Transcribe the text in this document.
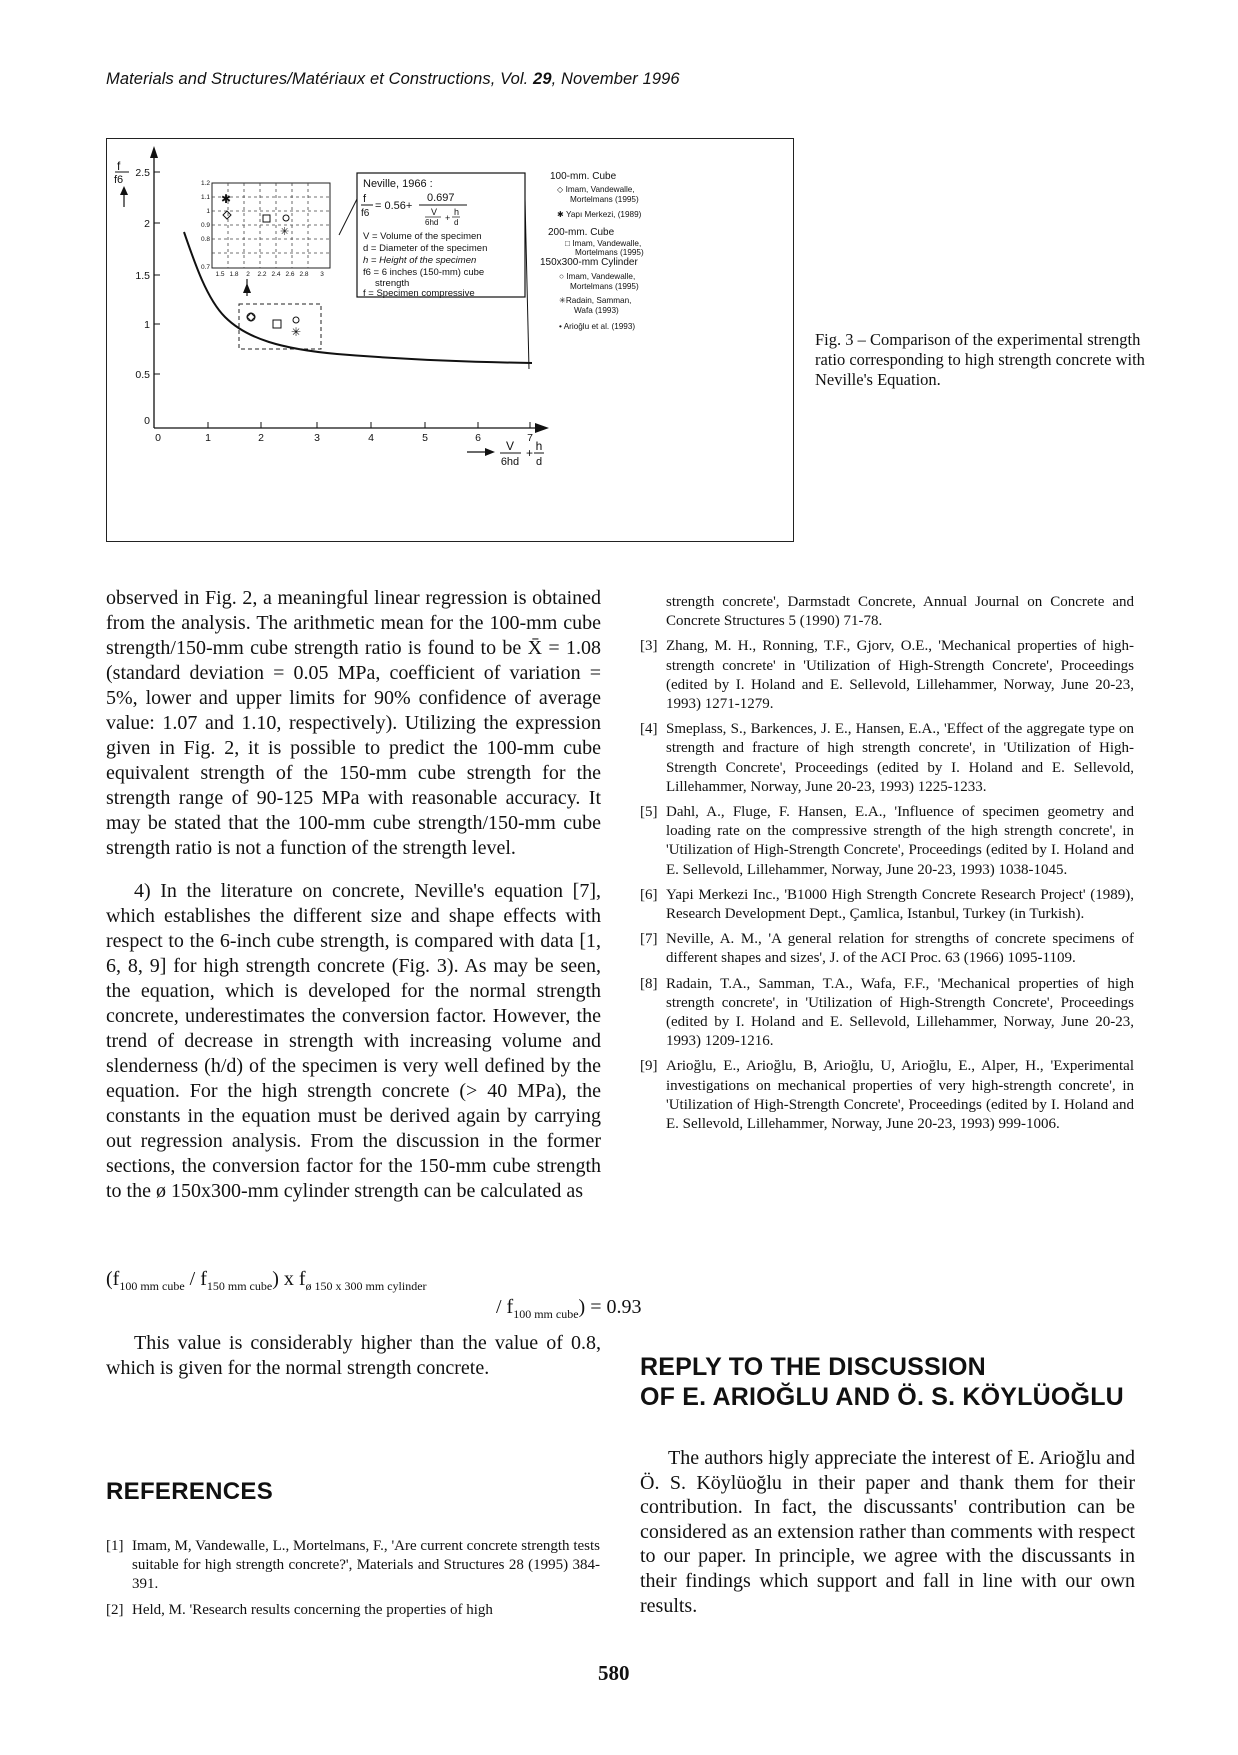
Materials and Structures/Matériaux et Constructions, Vol. 29, November 1996
f
f6
2.5
2
1.5
1
0.5
0
0	1	2	3	4	5	6	7
V
6hd
+ h
d
1.2
1.1
1
0.9
0.8
0.7
1.5 1.8 2 2.2 2.4 2.6 2.8 3
✱
✳
✳
Neville, 1966 :
f
f6
= 0.56+
0.697
V
6hd +
h
d
V = Volume of the specimen
d = Diameter of the specimen
h = Height of the specimen
f6 = 6 inches (150-mm) cube
strength
f = Specimen compressive
100-mm. Cube
◇ Imam, Vandewalle,
Mortelmans (1995)
✱ Yapı Merkezi, (1989)
200-mm. Cube
□ Imam, Vandewalle,
Mortelmans (1995)
150x300-mm Cylinder
○ Imam, Vandewalle,
Mortelmans (1995)
✳Radain, Samman,
Wafa (1993)
• Arioğlu et al. (1993)
Fig. 3 – Comparison of the experimental strength ratio corresponding to high strength concrete with Neville's Equation.

observed in Fig. 2, a meaningful linear regression is obtained from the analysis. The arithmetic mean for the 100-mm cube strength/150-mm cube strength ratio is found to be X̄ = 1.08 (standard deviation = 0.05 MPa, coefficient of variation = 5%, lower and upper limits for 90% confidence of average value: 1.07 and 1.10, respectively). Utilizing the expression given in Fig. 2, it is possible to predict the 100-mm cube equivalent strength of the 150-mm cube strength for the strength range of 90-125 MPa with reasonable accuracy. It may be stated that the 100-mm cube strength/150-mm cube strength ratio is not a function of the strength level.

4) In the literature on concrete, Neville's equation [7], which establishes the different size and shape effects with respect to the 6-inch cube strength, is compared with data [1, 6, 8, 9] for high strength concrete (Fig. 3). As may be seen, the equation, which is developed for the normal strength concrete, underestimates the conversion factor. However, the trend of decrease in strength with increasing volume and slenderness (h/d) of the specimen is very well defined by the equation. For the high strength concrete (> 40 MPa), the constants in the equation must be derived again by carrying out regression analysis. From the discussion in the former sections, the conversion factor for the 150-mm cube strength to the ø 150x300-mm cylinder strength can be calculated as

$(f_{100 mm cube} / f_{150 mm cube})$ x $f_{ø 150 x 300 mm cylinder}$
/ $f_{100 mm cube}) = 0.93$
This value is considerably higher than the value of 0.8, which is given for the normal strength concrete.
REFERENCES
[1] Imam, M, Vandewalle, L., Mortelmans, F., 'Are current concrete strength tests suitable for high strength concrete?', Materials and Structures 28 (1995) 384-391.
[2] Held, M. 'Research results concerning the properties of high
strength concrete', Darmstadt Concrete, Annual Journal on Concrete and Concrete Structures 5 (1990) 71-78.
[3] Zhang, M. H., Ronning, T.F., Gjorv, O.E., 'Mechanical properties of high-strength concrete' in 'Utilization of High-Strength Concrete', Proceedings (edited by I. Holand and E. Sellevold, Lillehammer, Norway, June 20-23, 1993) 1271-1279.
[4] Smeplass, S., Barkences, J. E., Hansen, E.A., 'Effect of the aggregate type on strength and fracture of high strength concrete', in 'Utilization of High-Strength Concrete', Proceedings (edited by I. Holand and E. Sellevold, Lillehammer, Norway, June 20-23, 1993) 1225-1233.
[5] Dahl, A., Fluge, F. Hansen, E.A., 'Influence of specimen geometry and loading rate on the compressive strength of the high strength concrete', in 'Utilization of High-Strength Concrete', Proceedings (edited by I. Holand and E. Sellevold, Lillehammer, Norway, June 20-23, 1993) 1038-1045.
[6] Yapi Merkezi Inc., 'B1000 High Strength Concrete Research Project' (1989), Research Development Dept., Çamlica, Istanbul, Turkey (in Turkish).
[7] Neville, A. M., 'A general relation for strengths of concrete specimens of different shapes and sizes', J. of the ACI Proc. 63 (1966) 1095-1109.
[8] Radain, T.A., Samman, T.A., Wafa, F.F., 'Mechanical properties of high strength concrete', in 'Utilization of High-Strength Concrete', Proceedings (edited by I. Holand and E. Sellevold, Lillehammer, Norway, June 20-23, 1993) 1209-1216.
[9] Arioğlu, E., Arioğlu, B, Arioğlu, U, Arioğlu, E., Alper, H., 'Experimental investigations on mechanical properties of very high-strength concrete', in 'Utilization of High-Strength Concrete', Proceedings (edited by I. Holand and E. Sellevold, Lillehammer, Norway, June 20-23, 1993) 999-1006.
REPLY TO THE DISCUSSION
OF E. ARIOĞLU AND Ö. S. KÖYLÜOĞLU
The authors higly appreciate the interest of E. Arioğlu and Ö. S. Köylüoğlu in their paper and thank them for their contribution. In fact, the discussants' contribution can be considered as an extension rather than comments with respect to our paper. In principle, we agree with the discussants in their findings which support and fall in line with our own results.
580
